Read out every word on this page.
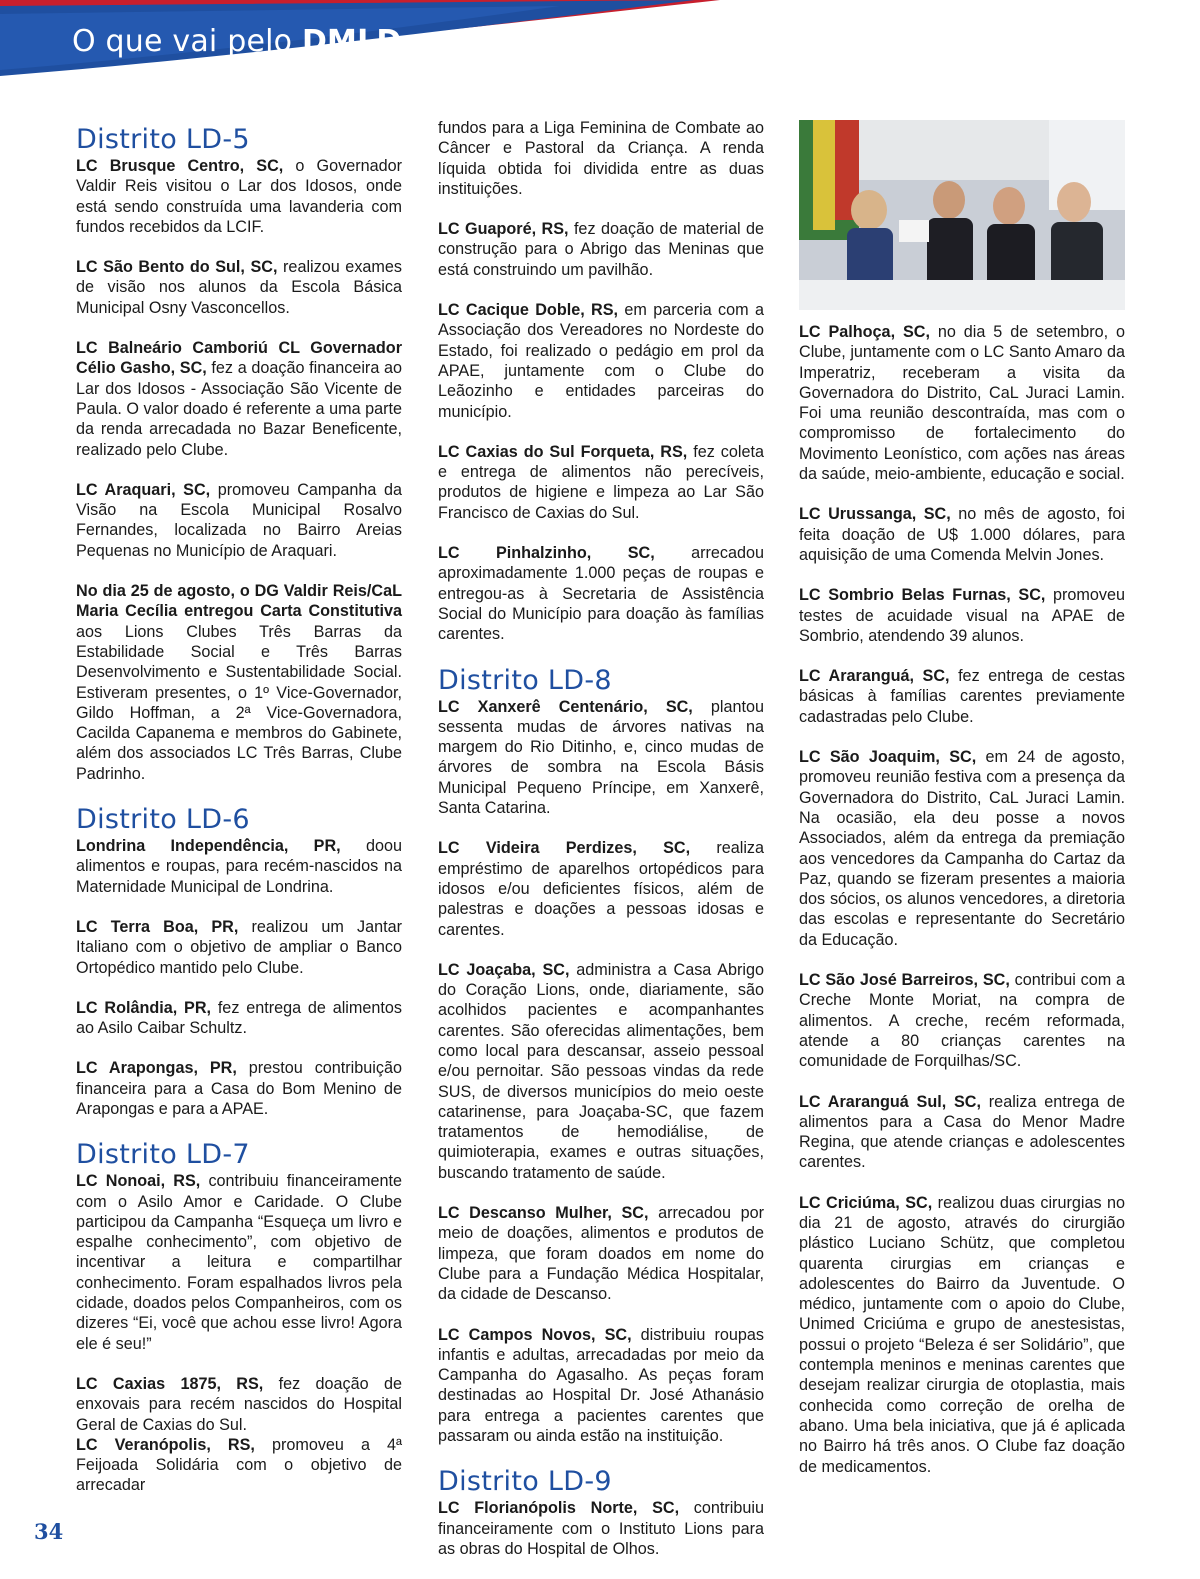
O que vai pelo DMLD
Distrito LD-5

LC Brusque Centro, SC, o Governador Valdir Reis visitou o Lar dos Idosos, onde está sendo construída uma lavanderia com fundos recebidos da LCIF.

LC São Bento do Sul, SC, realizou exames de visão nos alunos da Escola Básica Municipal Osny Vasconcellos.

LC Balneário Camboriú CL Governador Célio Gasho, SC, fez a doação financeira ao Lar dos Idosos - Associação São Vicente de Paula. O valor doado é referente a uma parte da renda arrecadada no Bazar Beneficente, realizado pelo Clube.

LC Araquari, SC, promoveu Campanha da Visão na Escola Municipal Rosalvo Fernandes, localizada no Bairro Areias Pequenas no Município de Araquari.

No dia 25 de agosto, o DG Valdir Reis/CaL Maria Cecília entregou Carta Constitutiva aos Lions Clubes Três Barras da Estabilidade Social e Três Barras Desenvolvimento e Sustentabilidade Social. Estiveram presentes, o 1º Vice-Governador, Gildo Hoffman, a 2ª Vice-Governadora, Cacilda Capanema e membros do Gabinete, além dos associados LC Três Barras, Clube Padrinho.

Distrito LD-6

Londrina Independência, PR, doou alimentos e roupas, para recém-nascidos na Maternidade Municipal de Londrina.

LC Terra Boa, PR, realizou um Jantar Italiano com o objetivo de ampliar o Banco Ortopédico mantido pelo Clube.

LC Rolândia, PR, fez entrega de alimentos ao Asilo Caibar Schultz.

LC Arapongas, PR, prestou contribuição financeira para a Casa do Bom Menino de Arapongas e para a APAE.

Distrito LD-7

LC Nonoai, RS, contribuiu financeiramente com o Asilo Amor e Caridade. O Clube participou da Campanha “Esqueça um livro e espalhe conhecimento”, com objetivo de incentivar a leitura e compartilhar conhecimento. Foram espalhados livros pela cidade, doados pelos Companheiros, com os dizeres “Ei, você que achou esse livro! Agora ele é seu!”

LC Caxias 1875, RS, fez doação de enxovais para recém nascidos do Hospital Geral de Caxias do Sul.

LC Veranópolis, RS, promoveu a 4ª Feijoada Solidária com o objetivo de arrecadar

fundos para a Liga Feminina de Combate ao Câncer e Pastoral da Criança. A renda líquida obtida foi dividida entre as duas instituições.

LC Guaporé, RS, fez doação de material de construção para o Abrigo das Meninas que está construindo um pavilhão.

LC Cacique Doble, RS, em parceria com a Associação dos Vereadores no Nordeste do Estado, foi realizado o pedágio em prol da APAE, juntamente com o Clube do Leãozinho e entidades parceiras do município.

LC Caxias do Sul Forqueta, RS, fez coleta e entrega de alimentos não perecíveis, produtos de higiene e limpeza ao Lar São Francisco de Caxias do Sul.

LC Pinhalzinho, SC, arrecadou aproximadamente 1.000 peças de roupas e entregou-as à Secretaria de Assistência Social do Município para doação às famílias carentes.

Distrito LD-8

LC Xanxerê Centenário, SC, plantou sessenta mudas de árvores nativas na margem do Rio Ditinho, e, cinco mudas de árvores de sombra na Escola Básis Municipal Pequeno Príncipe, em Xanxerê, Santa Catarina.

LC Videira Perdizes, SC, realiza empréstimo de aparelhos ortopédicos para idosos e/ou deficientes físicos, além de palestras e doações a pessoas idosas e carentes.

LC Joaçaba, SC, administra a Casa Abrigo do Coração Lions, onde, diariamente, são acolhidos pacientes e acompanhantes carentes. São oferecidas alimentações, bem como local para descansar, asseio pessoal e/ou pernoitar. São pessoas vindas da rede SUS, de diversos municípios do meio oeste catarinense, para Joaçaba-SC, que fazem tratamentos de hemodiálise, de quimioterapia, exames e outras situações, buscando tratamento de saúde.

LC Descanso Mulher, SC, arrecadou por meio de doações, alimentos e produtos de limpeza, que foram doados em nome do Clube para a Fundação Médica Hospitalar, da cidade de Descanso.

LC Campos Novos, SC, distribuiu roupas infantis e adultas, arrecadadas por meio da Campanha do Agasalho. As peças foram destinadas ao Hospital Dr. José Athanásio para entrega a pacientes carentes que passaram ou ainda estão na instituição.

Distrito LD-9

LC Florianópolis Norte, SC, contribuiu financeiramente com o Instituto Lions para as obras do Hospital de Olhos.

LC Palhoça, SC, no dia 5 de setembro, o Clube, juntamente com o LC Santo Amaro da Imperatriz, receberam a visita da Governadora do Distrito, CaL Juraci Lamin. Foi uma reunião descontraída, mas com o compromisso de fortalecimento do Movimento Leonístico, com ações nas áreas da saúde, meio-ambiente, educação e social.

LC Urussanga, SC, no mês de agosto, foi feita doação de U$ 1.000 dólares, para aquisição de uma Comenda Melvin Jones.

LC Sombrio Belas Furnas, SC, promoveu testes de acuidade visual na APAE de Sombrio, atendendo 39 alunos.

LC Araranguá, SC, fez entrega de cestas básicas à famílias carentes previamente cadastradas pelo Clube.

LC São Joaquim, SC, em 24 de agosto, promoveu reunião festiva com a presença da Governadora do Distrito, CaL Juraci Lamin. Na ocasião, ela deu posse a novos Associados, além da entrega da premiação aos vencedores da Campanha do Cartaz da Paz, quando se fizeram presentes a maioria dos sócios, os alunos vencedores, a diretoria das escolas e representante do Secretário da Educação.

LC São José Barreiros, SC, contribui com a Creche Monte Moriat, na compra de alimentos. A creche, recém reformada, atende a 80 crianças carentes na comunidade de Forquilhas/SC.

LC Araranguá Sul, SC, realiza entrega de alimentos para a Casa do Menor Madre Regina, que atende crianças e adolescentes carentes.

LC Criciúma, SC, realizou duas cirurgias no dia 21 de agosto, através do cirurgião plástico Luciano Schütz, que completou quarenta cirurgias em crianças e adolescentes do Bairro da Juventude. O médico, juntamente com o apoio do Clube, Unimed Criciúma e grupo de anestesistas, possui o projeto “Beleza é ser Solidário”, que contempla meninos e meninas carentes que desejam realizar cirurgia de otoplastia, mais conhecida como correção de orelha de abano. Uma bela iniciativa, que já é aplicada no Bairro há três anos. O Clube faz doação de medicamentos.

34
